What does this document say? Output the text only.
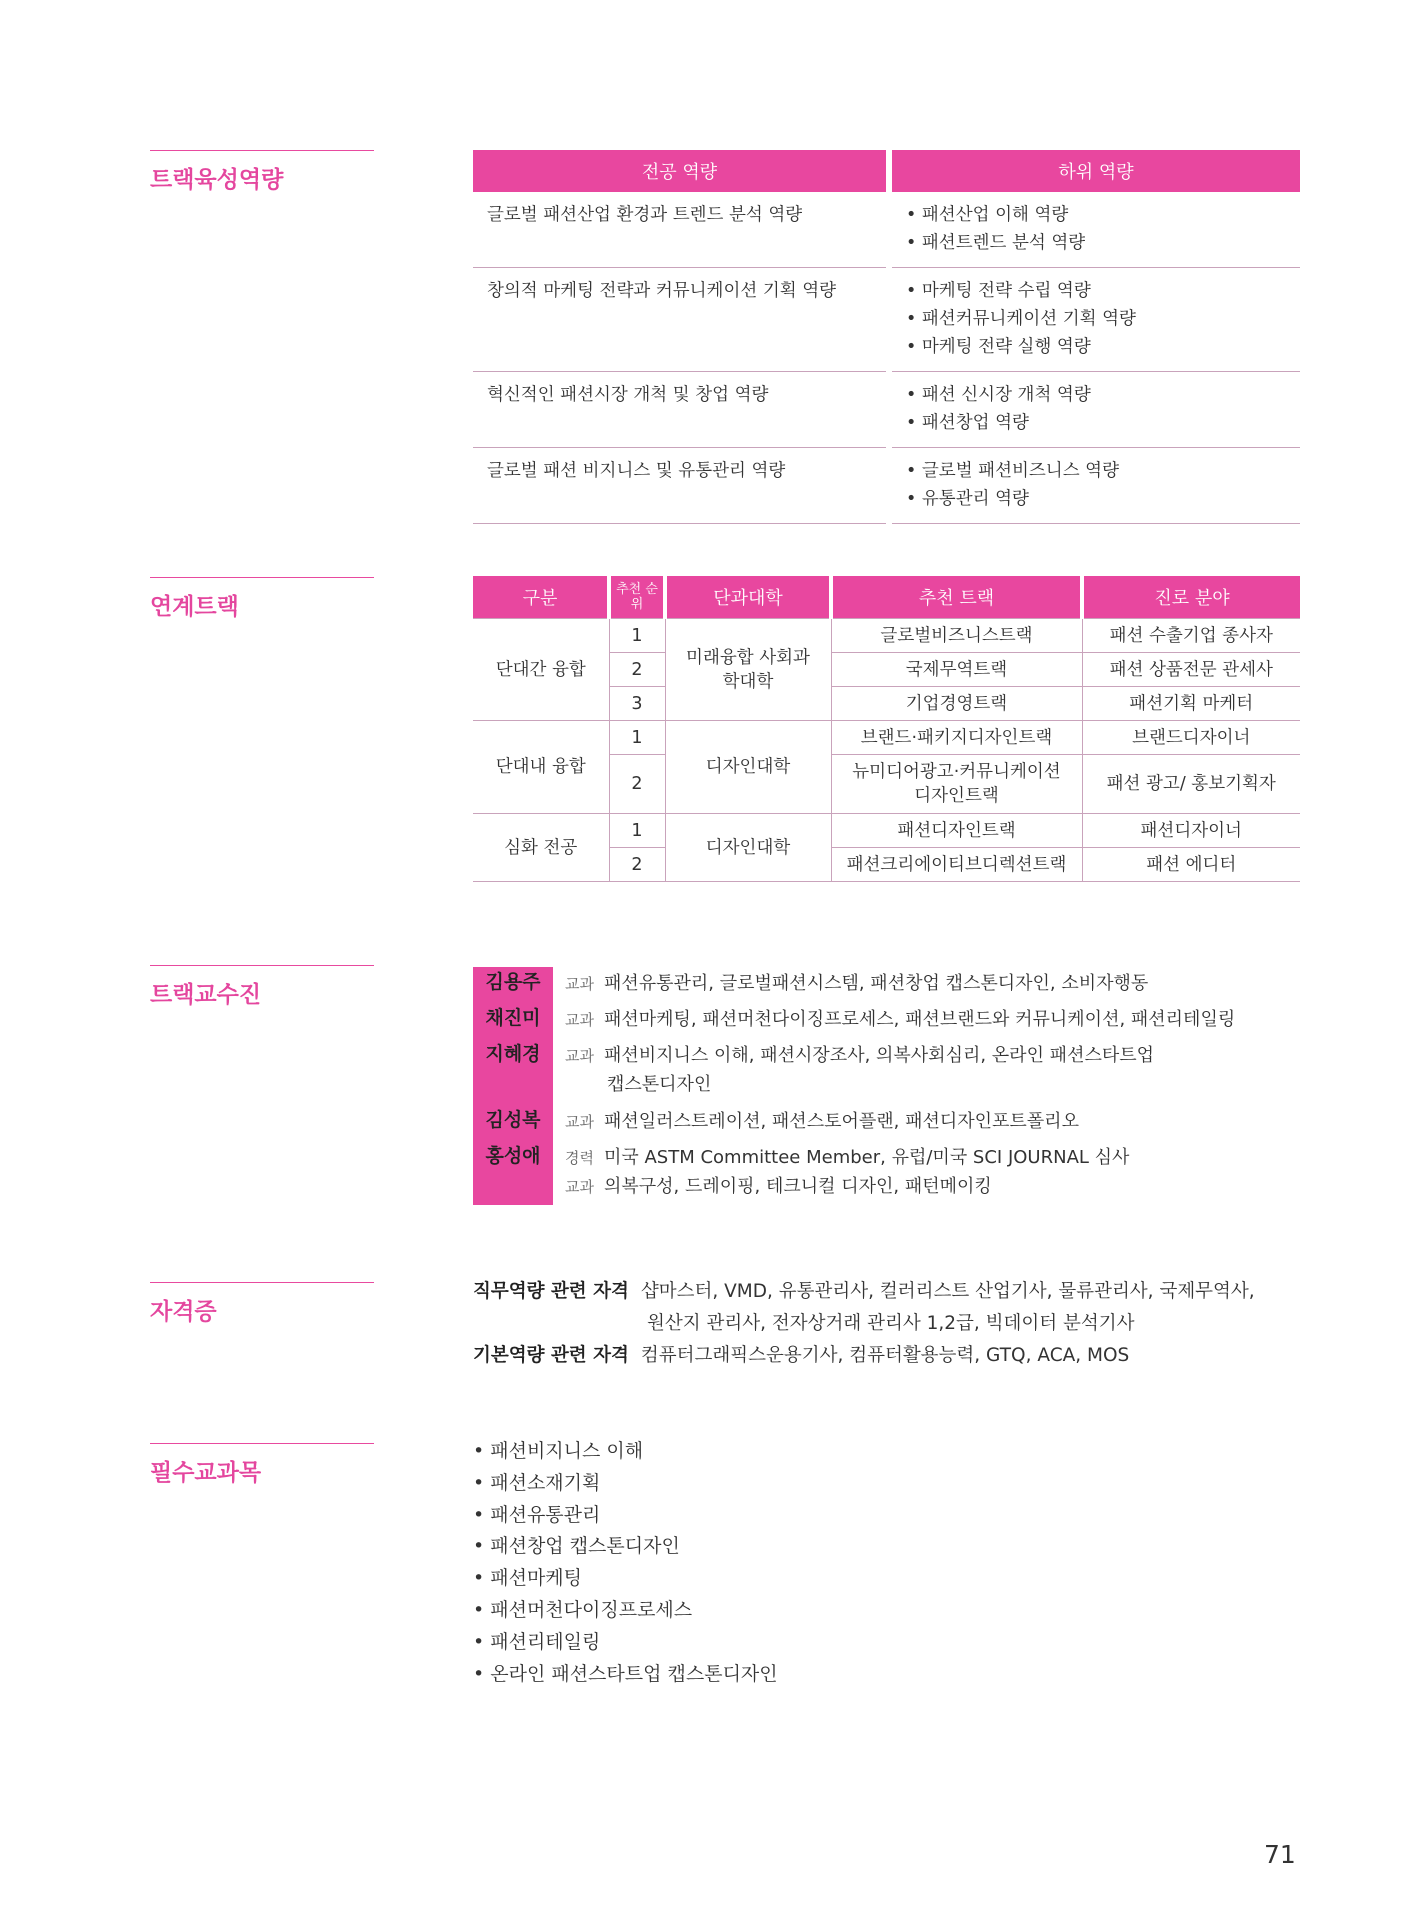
트랙육성역량
연계트랙
트랙교수진
자격증
필수교과목
전공 역량	하위 역량
글로벌 패션산업 환경과 트렌드 분석 역량	• 패션산업 이해 역량
• 패션트렌드 분석 역량

창의적 마케팅 전략과 커뮤니케이션 기획 역량	• 마케팅 전략 수립 역량
• 패션커뮤니케이션 기획 역량
• 마케팅 전략 실행 역량

혁신적인 패션시장 개척 및 창업 역량	• 패션 신시장 개척 역량
• 패션창업 역량

글로벌 패션 비지니스 및 유통관리 역량	• 글로벌 패션비즈니스 역량
• 유통관리 역량
구분	추천 순위	단과대학	추천 트랙	진로 분야
단대간 융합	1	미래융합 사회과학대학	글로벌비즈니스트랙	패션 수출기업 종사자
	2		국제무역트랙	패션 상품전문 관세사
	3		기업경영트랙	패션기획 마케터
단대내 융합	1	디자인대학	브랜드·패키지디자인트랙	브랜드디자이너
	2		뉴미디어광고·커뮤니케이션 디자인트랙	패션 광고/ 홍보기획자
심화 전공	1	디자인대학	패션디자인트랙	패션디자이너
	2		패션크리에이티브디렉션트랙	패션 에디터
김용주	교과 패션유통관리, 글로벌패션시스템, 패션창업 캡스톤디자인, 소비자행동
채진미	교과 패션마케팅, 패션머천다이징프로세스, 패션브랜드와 커뮤니케이션, 패션리테일링
지혜경	교과 패션비지니스 이해, 패션시장조사, 의복사회심리, 온라인 패션스타트업
캡스톤디자인
김성복	교과 패션일러스트레이션, 패션스토어플랜, 패션디자인포트폴리오
홍성애	경력 미국 ASTM Committee Member, 유럽/미국 SCI JOURNAL 심사
교과 의복구성, 드레이핑, 테크니컬 디자인, 패턴메이킹
직무역량 관련 자격 샵마스터, VMD, 유통관리사, 컬러리스트 산업기사, 물류관리사, 국제무역사,
원산지 관리사, 전자상거래 관리사 1,2급, 빅데이터 분석기사
기본역량 관련 자격 컴퓨터그래픽스운용기사, 컴퓨터활용능력, GTQ, ACA, MOS
• 패션비지니스 이해
• 패션소재기획
• 패션유통관리
• 패션창업 캡스톤디자인
• 패션마케팅
• 패션머천다이징프로세스
• 패션리테일링
• 온라인 패션스타트업 캡스톤디자인
71
